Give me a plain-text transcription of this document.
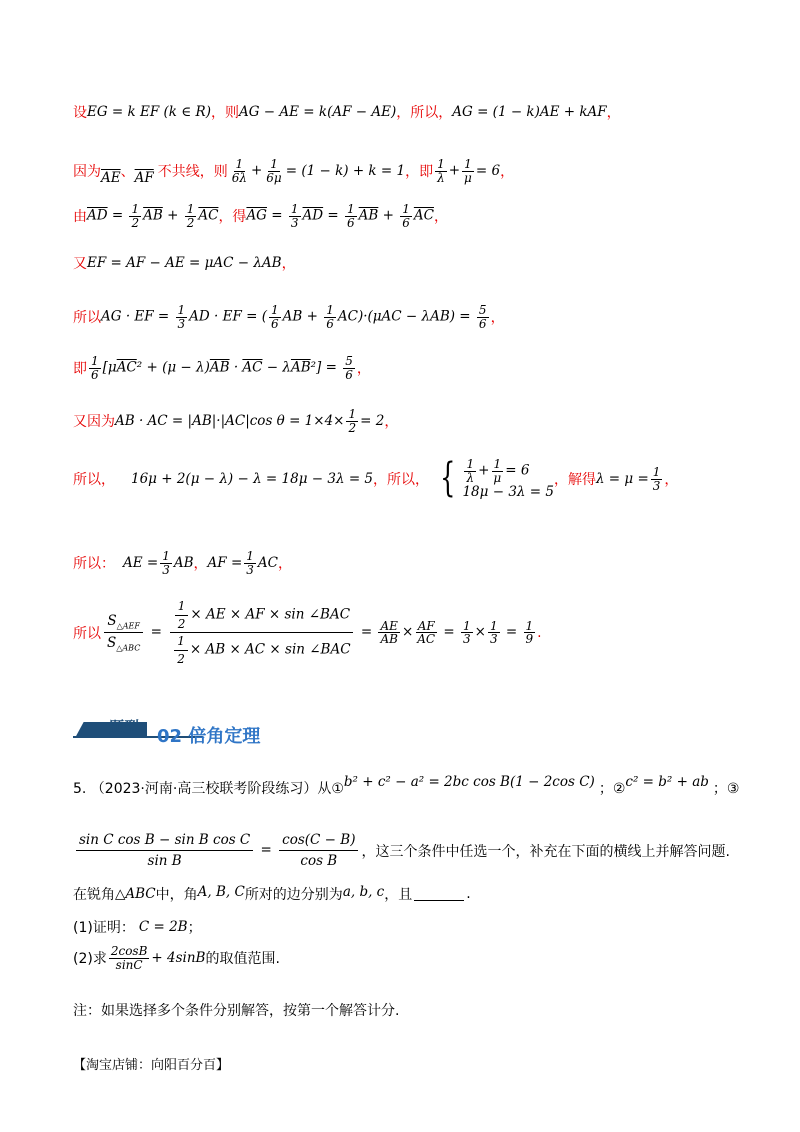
设 EG = k EF (k ∈ R) ，则 AG − AE = k(AF − AE) ，所以， AG = (1 − k)AE + kAF ，
因为 $\overline{AE}$ 、 $\overline{AF}$ 不共线，则 $\frac{1}{6\lambda} + \frac{1}{6\mu} = (1 - k) + k = 1$ ，即 $\frac{1}{\lambda} + \frac{1}{\mu} = 6$ ，
由 $\overline{AD} = \frac{1}{2} \overline{AB} + \frac{1}{2} \overline{AC}$ ，得 $\overline{AG} = \frac{1}{3} \overline{AD} = \frac{1}{6} \overline{AB} + \frac{1}{6} \overline{AC}$ ，
又 EF = AF − AE = μAC − λAB ，
所以 AG · EF = $\frac{1}{3}$ AD · EF = ( $\frac{1}{6}$ AB + $\frac{1}{6} AC)\cdot(\mu AC - \lambda AB) = \frac{5}{6}$ ，
即 $\frac{1}{6} [\mu\overline{AC}^2 + (\mu - \lambda)\overline{AB} \cdot \overline{AC} - \lambda\overline{AB}^2] = \frac{5}{6}$ ，
又因为 AB · AC = |AB|·|AC|cos $\theta = 1\times 4\times \frac{1}{2} = 2$ ，
所以， 16μ + 2(μ − λ) − λ = 18μ − 3λ = 5 ，所以， { $\frac{1}{\lambda} + \frac{1}{\mu} = 6$
18μ − 3λ = 5
，解得 $\lambda = \mu = \frac{1}{3}$ ，
所以： AE = $\frac{1}{3}$ AB ， AF = $\frac{1}{3}$ AC ，
所以
$S_{\triangle AEF}$
$S_{\triangle ABC}$
=
$\frac{1}{2}$ × AE × AF × sin ∠BAC
$\frac{1}{2}$ × AB × AC × sin ∠BAC
= $\frac{AE}{AB} \times \frac{AF}{AC} = \frac{1}{3} \times \frac{1}{3} = \frac{1}{9}$ .
题型 02 倍角定理
5. （2023·河南·高三校联考阶段练习）从① b² + c² − a² = 2bc cos B(1 − 2cos C) ；② c² = b² + ab ；③
$\frac{\text{sin C cos B − sin B cos C}}{\text{sin B}} = \frac{\cos(C - B)}{\text{cos B}}$ ，这三个条件中任选一个，补充在下面的横线上并解答问题.
在锐角 △ABC 中，角 A, B, C 所对的边分别为 a, b, c ，且	.
(1)证明： C = 2B ；
(2)求 $\frac{2\cos B}{\sin C} + 4\sin B$ 的取值范围.
注：如果选择多个条件分别解答，按第一个解答计分.
【淘宝店铺：向阳百分百】
